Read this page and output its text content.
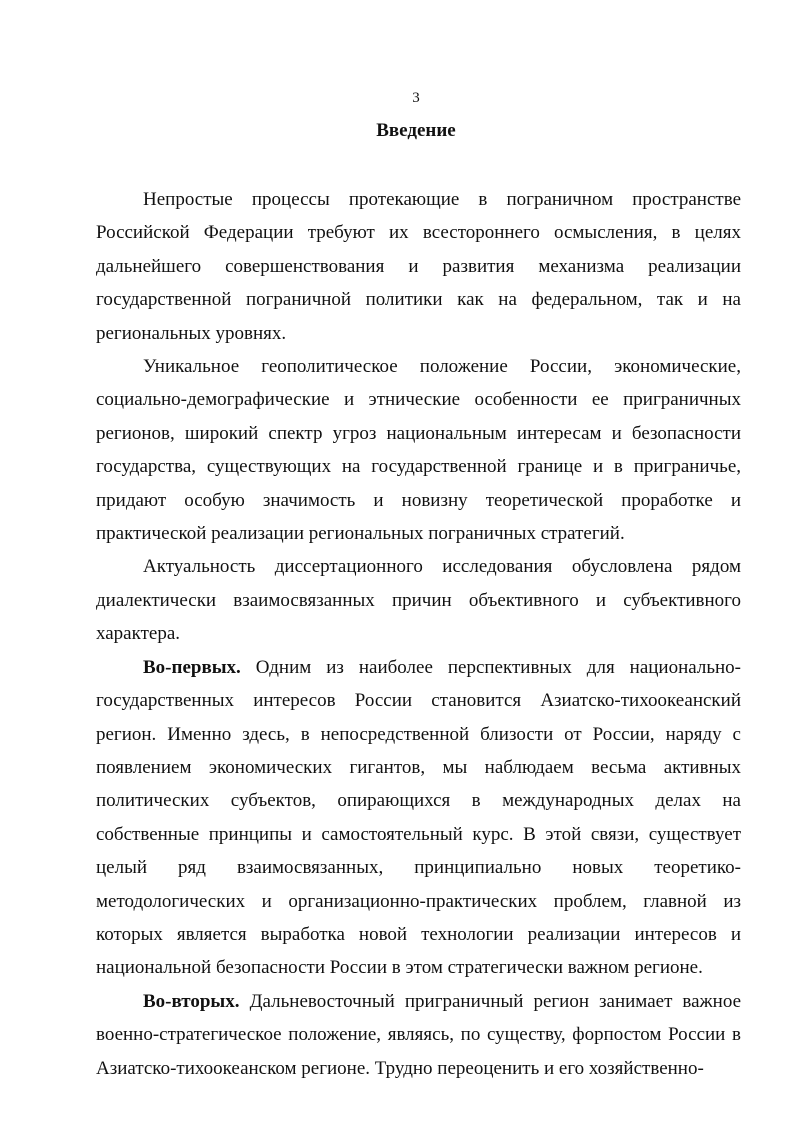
3
Введение

Непростые процессы протекающие в пограничном пространстве Российской Федерации требуют их всестороннего осмысления, в целях дальнейшего совершенствования и развития механизма реализации государственной пограничной политики как на федеральном, так и на региональных уровнях.

Уникальное геополитическое положение России, экономические, социально-демографические и этнические особенности ее приграничных регионов, широкий спектр угроз национальным интересам и безопасности государства, существующих на государственной границе и в приграничье, придают особую значимость и новизну теоретической проработке и практической реализации региональных пограничных стратегий.

Актуальность диссертационного исследования обусловлена рядом диалектически взаимосвязанных причин объективного и субъективного характера.

Во-первых. Одним из наиболее перспективных для национально-государственных интересов России становится Азиатско-тихоокеанский регион. Именно здесь, в непосредственной близости от России, наряду с появлением экономических гигантов, мы наблюдаем весьма активных политических субъектов, опирающихся в международных делах на собственные принципы и самостоятельный курс. В этой связи, существует целый ряд взаимосвязанных, принципиально новых теоретико-методологических и организационно-практических проблем, главной из которых является выработка новой технологии реализации интересов и национальной безопасности России в этом стратегически важном регионе.

Во-вторых. Дальневосточный приграничный регион занимает важное военно-стратегическое положение, являясь, по существу, форпостом России в Азиатско-тихоокеанском регионе. Трудно переоценить и его хозяйственно-
